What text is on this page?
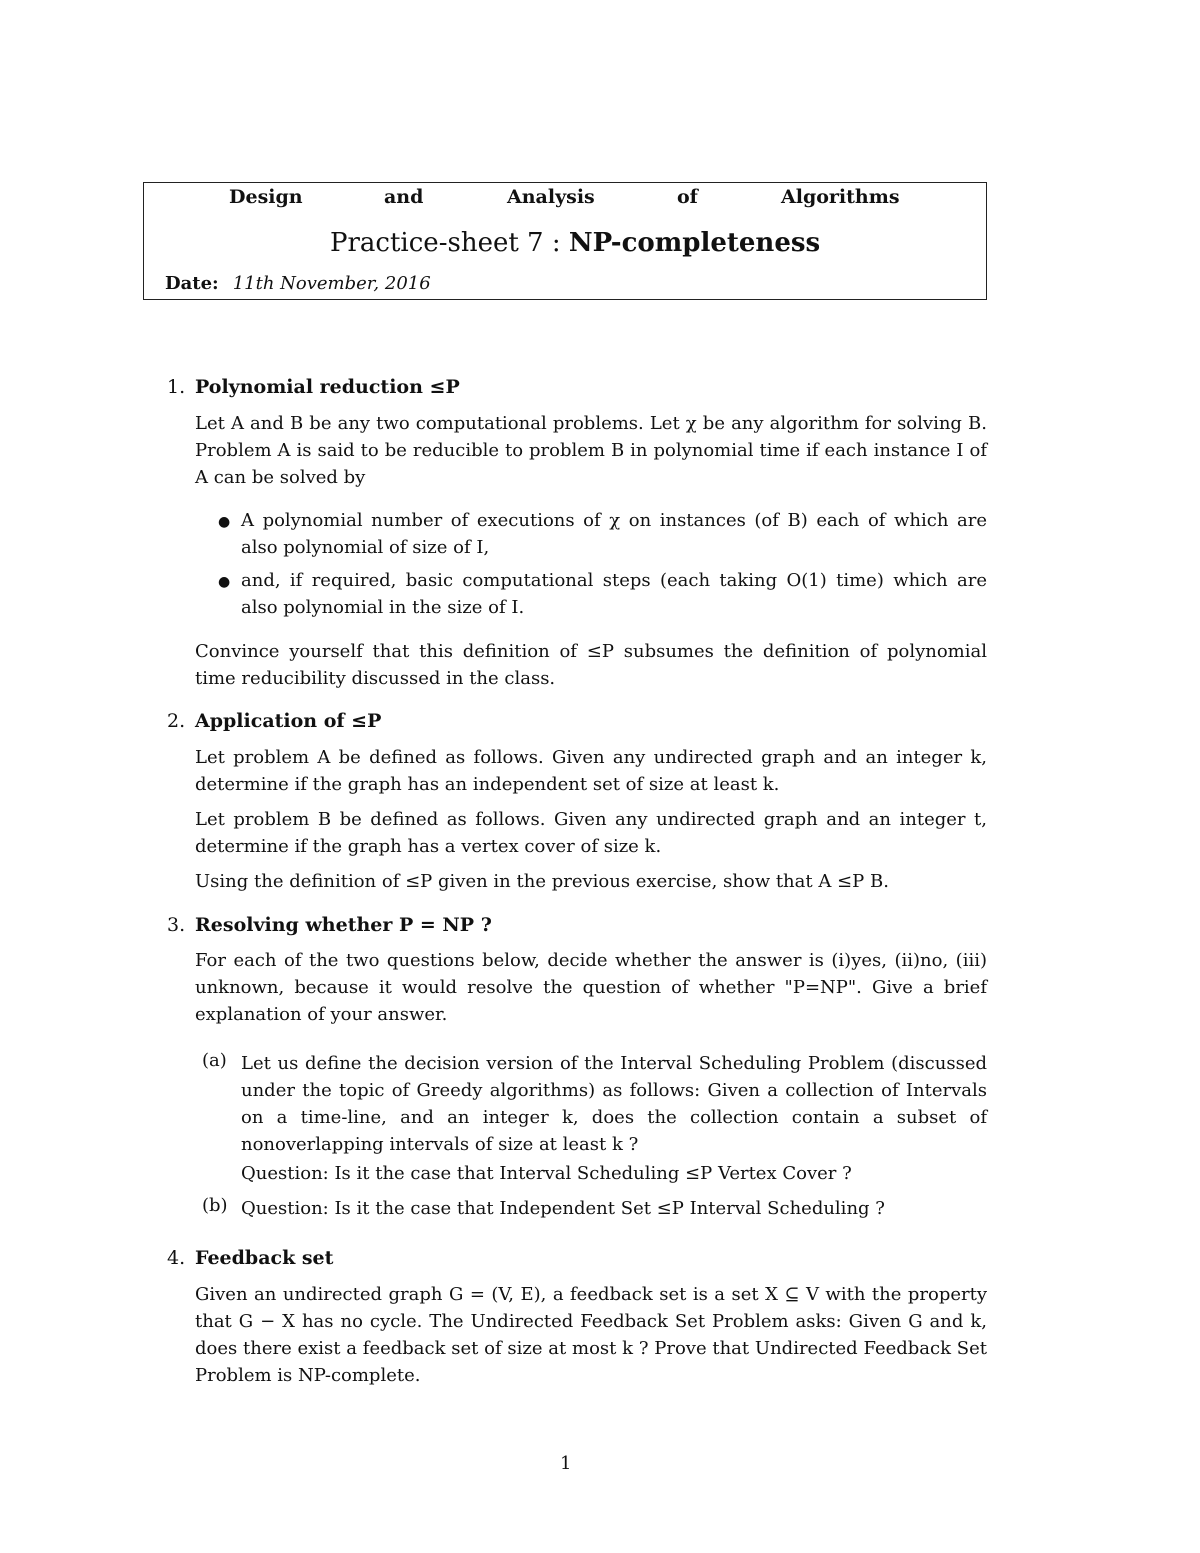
Design	and	Analysis	of	Algorithms
Practice-sheet 7 : NP-completeness
Date: 11th November, 2016
1. Polynomial reduction ≤P
Let A and B be any two computational problems. Let χ be any algorithm for solving B. Problem A is said to be reducible to problem B in polynomial time if each instance I of A can be solved by
● A polynomial number of executions of χ on instances (of B) each of which are also polynomial of size of I,
● and, if required, basic computational steps (each taking O(1) time) which are also polynomial in the size of I.
Convince yourself that this definition of ≤P subsumes the definition of polynomial time reducibility discussed in the class.
2. Application of ≤P
Let problem A be defined as follows. Given any undirected graph and an integer k, determine if the graph has an independent set of size at least k.
Let problem B be defined as follows. Given any undirected graph and an integer t, determine if the graph has a vertex cover of size k.
Using the definition of ≤P given in the previous exercise, show that A ≤P B.
3. Resolving whether P = NP ?
For each of the two questions below, decide whether the answer is (i)yes, (ii)no, (iii) unknown, because it would resolve the question of whether "P=NP". Give a brief explanation of your answer.
(a) Let us define the decision version of the Interval Scheduling Problem (discussed under the topic of Greedy algorithms) as follows: Given a collection of Intervals on a time-line, and an integer k, does the collection contain a subset of nonoverlapping intervals of size at least k ?
Question: Is it the case that Interval Scheduling ≤P Vertex Cover ?
(b) Question: Is it the case that Independent Set ≤P Interval Scheduling ?
4. Feedback set
Given an undirected graph G = (V, E), a feedback set is a set X ⊆ V with the property that G − X has no cycle. The Undirected Feedback Set Problem asks: Given G and k, does there exist a feedback set of size at most k ? Prove that Undirected Feedback Set Problem is NP-complete.
1
